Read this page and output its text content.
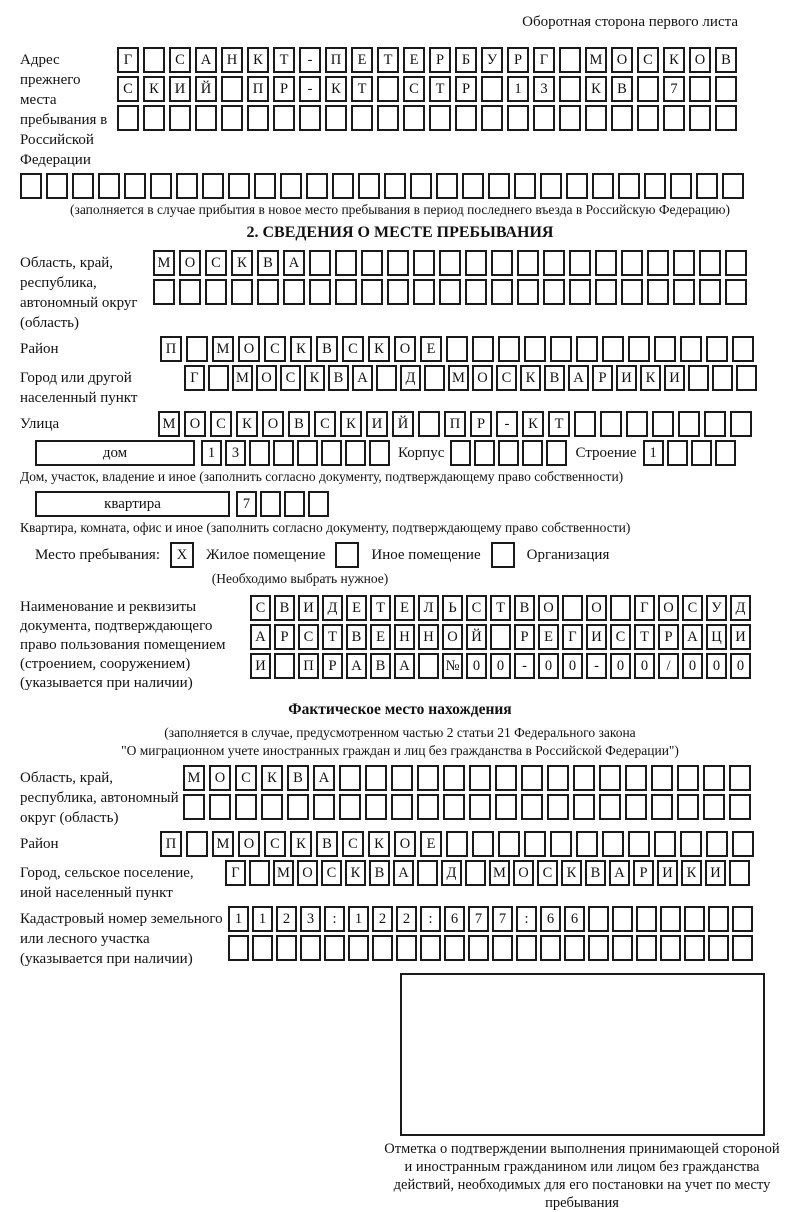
Оборотная сторона первого листа
Адрес прежнего места пребывания в Российской Федерации
Г	С	А	Н	К	Т	-	П	Е	Т	Е	Р	Б	У	Р	Г	М О	С	К	О	В
С	К	И	Й	П	Р	-	К	Т	С	Т	Р	1	3	К	В	7
(заполняется в случае прибытия в новое место пребывания в период последнего въезда в Российскую Федерацию)
2. СВЕДЕНИЯ О МЕСТЕ ПРЕБЫВАНИЯ
Область, край, республика, автономный округ (область)
М О	С	К	В	А
Район	П	М О	С	К	В	С	К	О	Е
Город или другой населенный пункт
Г	М О С К В А	Д	М О С К В А	Р	И К И
Улица	М О	С	К	О	В	С	К	И	Й	П	Р	-	К	Т
дом	1	3	Корпус	Строение 1
Дом, участок, владение и иное (заполнить согласно документу, подтверждающему право собственности)
квартира	7
Квартира, комната, офис и иное (заполнить согласно документу, подтверждающему право собственности)
Место пребывания:	X	Жилое помещение	Иное помещение	Организация
(Необходимо выбрать нужное)
Наименование и реквизиты документа, подтверждающего право пользования помещением (строением, сооружением) (указывается при наличии)
С В И Д	Е	Т	Е	Л	Ь	С	Т	В О	О	Г	О С У Д
А	Р	С	Т	В	Е Н Н О Й	Р	Е	Г	И С	Т	Р	А Ц И
И	П	Р	А В А	№ 0	0	-	0	0	-	0	0	/	0	0	0
Фактическое место нахождения
(заполняется в случае, предусмотренном частью 2 статьи 21 Федерального закона
"О миграционном учете иностранных граждан и лиц без гражданства в Российской Федерации")
Область, край, республика, автономный округ (область)
М О	С	К	В	А
Район	П	М О	С	К	В	С	К	О	Е
Город, сельское поселение, иной населенный пункт
Г	М О С К В А	Д	М О С К В А	Р	И К И
Кадастровый номер земельного или лесного участка (указывается при наличии)
1	1	2	3	:	1	2	2	:	6	7	7	:	6	6
Отметка о подтверждении выполнения принимающей стороной и иностранным гражданином или лицом без гражданства действий, необходимых для его постановки на учет по месту пребывания
